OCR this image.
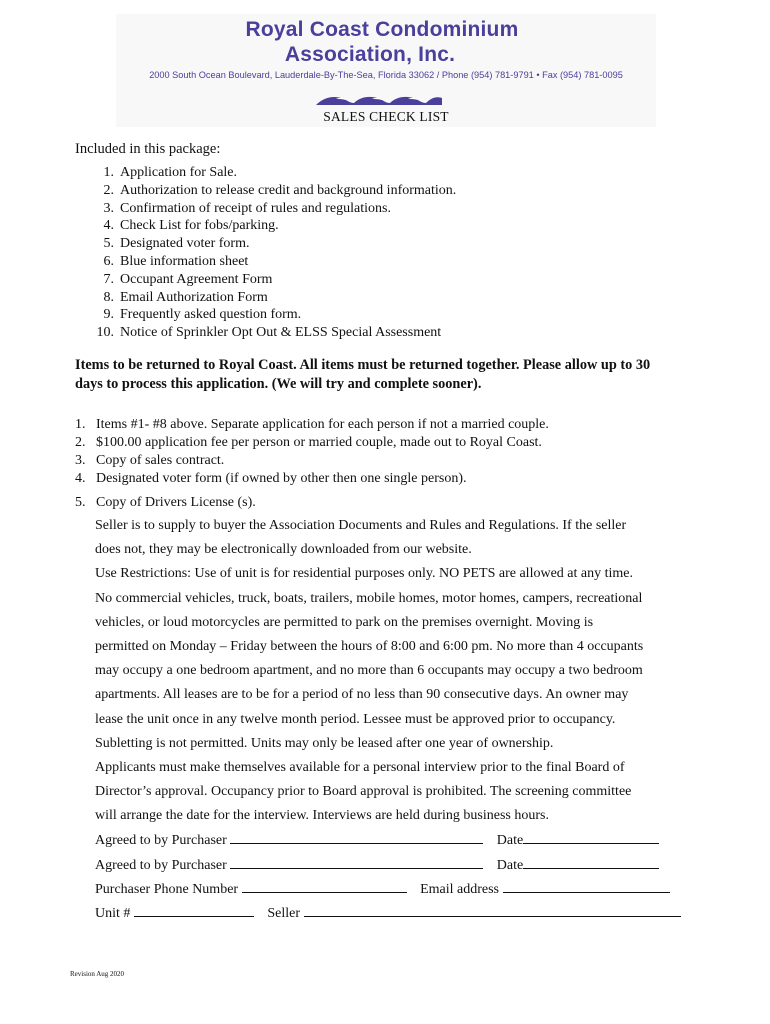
Royal Coast Condominium
Association, Inc.
2000 South Ocean Boulevard, Lauderdale-By-The-Sea, Florida 33062 / Phone (954) 781-9791 • Fax (954) 781-0095
SALES CHECK LIST
Included in this package:
1. Application for Sale.
2. Authorization to release credit and background information.
3. Confirmation of receipt of rules and regulations.
4. Check List for fobs/parking.
5. Designated voter form.
6. Blue information sheet
7. Occupant Agreement Form
8. Email Authorization Form
9. Frequently asked question form.
10. Notice of Sprinkler Opt Out & ELSS Special Assessment
Items to be returned to Royal Coast. All items must be returned together. Please allow up to 30
days to process this application. (We will try and complete sooner).
1. Items #1- #8 above. Separate application for each person if not a married couple.
2. $100.00 application fee per person or married couple, made out to Royal Coast.
3. Copy of sales contract.
4. Designated voter form (if owned by other then one single person).
5. Copy of Drivers License (s).
Seller is to supply to buyer the Association Documents and Rules and Regulations. If the seller
does not, they may be electronically downloaded from our website.
Use Restrictions: Use of unit is for residential purposes only. NO PETS are allowed at any time.
No commercial vehicles, truck, boats, trailers, mobile homes, motor homes, campers, recreational
vehicles, or loud motorcycles are permitted to park on the premises overnight. Moving is
permitted on Monday – Friday between the hours of 8:00 and 6:00 pm. No more than 4 occupants
may occupy a one bedroom apartment, and no more than 6 occupants may occupy a two bedroom
apartments. All leases are to be for a period of no less than 90 consecutive days. An owner may
lease the unit once in any twelve month period. Lessee must be approved prior to occupancy.
Subletting is not permitted. Units may only be leased after one year of ownership.
Applicants must make themselves available for a personal interview prior to the final Board of
Director’s approval. Occupancy prior to Board approval is prohibited. The screening committee
will arrange the date for the interview. Interviews are held during business hours.
Agreed to by Purchaser	Date
Agreed to by Purchaser	Date
Purchaser Phone Number	Email address
Unit #	Seller
Revision Aug 2020
